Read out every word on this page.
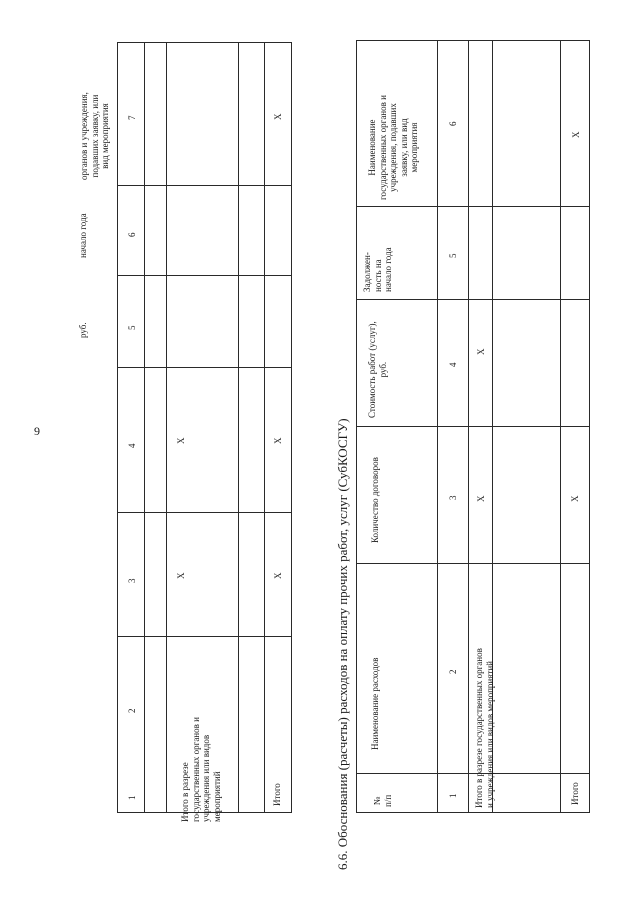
9
руб.
начало года
органов и учреждения, подавших заявку, или вид мероприятия
1
2
3
4
5
6
7
Итого в разрезе государственных органов и учреждения или видов мероприятий
X
X
Итого
X
X
X
6.6. Обоснования (расчеты) расходов на оплату прочих работ, услуг (СубКОСГУ) № п/п
Наименование расходов
Количество договоров
Стоимость работ (услуг), руб.
Задолжен- ность на начало года
Наименование государственных органов и учреждения, подавших заявку, или вид мероприятия
1
2
3
4
5
6
Итого в разрезе государственных органов и учреждения или видов мероприятий
X
X
Итого
X
X
